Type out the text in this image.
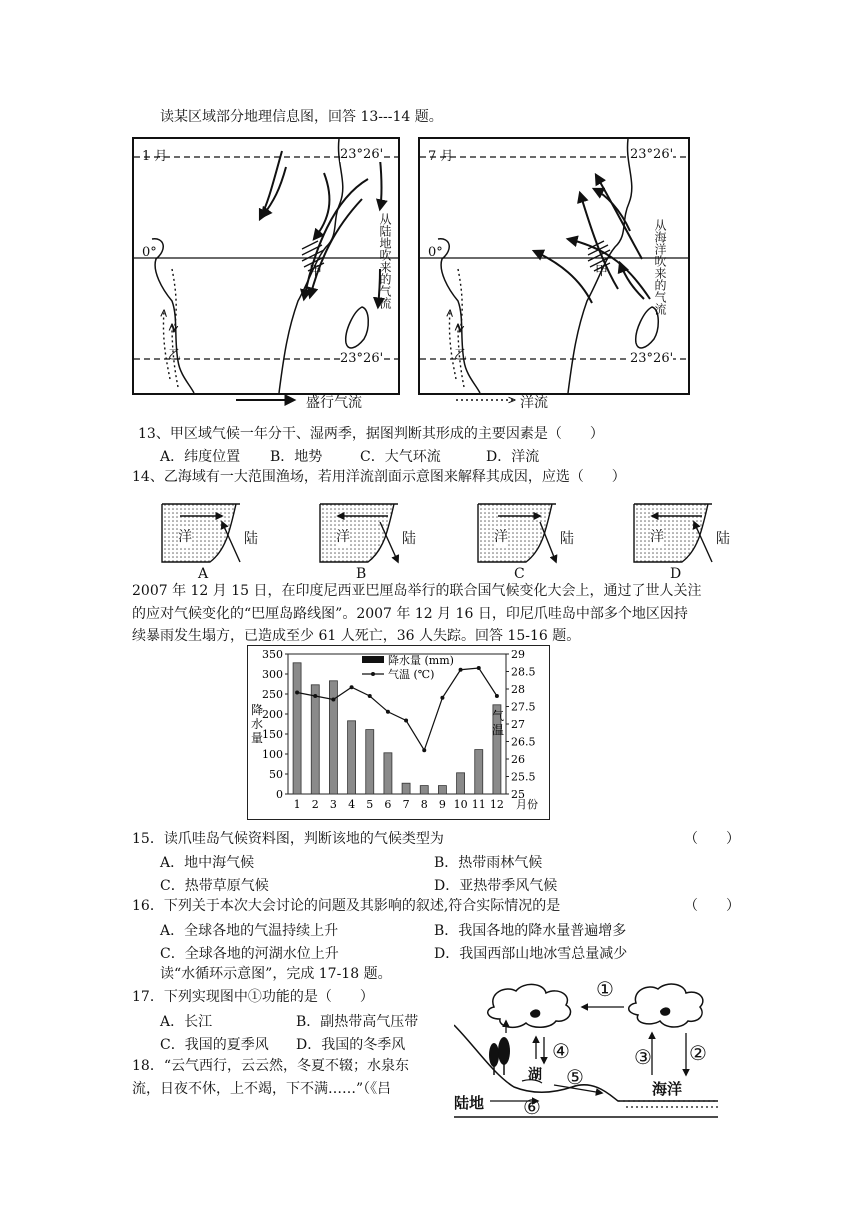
读某区域部分地理信息图，回答 13---14 题。
1 月	23°26'
0°
23°26'
甲
乙
从陆地吹来的气流
7 月	23°26'
0°
23°26'
甲
乙
从海洋吹来的气流
盛行气流	洋流
13、甲区域气候一年分干、湿两季，据图判断其形成的主要因素是（　　）
A．纬度位置 B．地势	C．大气环流	D．洋流
14、乙海域有一大范围渔场，若用洋流剖面示意图来解释其成因，应选（　　）
洋	陆
A
洋	陆
B
洋	陆
C
洋	陆
D
2007 年 12 月 15 日，在印度尼西亚巴厘岛举行的联合国气候变化大会上，通过了世人关注
的应对气候变化的“巴厘岛路线图”。2007 年 12 月 16 日，印尼爪哇岛中部多个地区因持
续暴雨发生塌方，已造成至少 61 人死亡，36 人失踪。回答 15-16 题。
0
50
100
150
200
250
300
350
25
25.5
26
26.5
27
27.5
28
28.5
29
1 2 3 4 5 6 7 8 9 10 11 12 月份
降水量 (mm)
气温 (℃)
降
水
量
气
温
15．读爪哇岛气候资料图，判断该地的气候类型为	（　　）
A．地中海气候	B．热带雨林气候
C．热带草原气候	D．亚热带季风气候
16．下列关于本次大会讨论的问题及其影响的叙述,符合实际情况的是	（　　）
A．全球各地的气温持续上升	B．我国各地的降水量普遍增多
C．全球各地的河湖水位上升	D．我国西部山地冰雪总量减少
读“水循环示意图”，完成 17-18 题。
17．下列实现图中①功能的是（　　）
A．长江	B．副热带高气压带
C．我国的夏季风 D．我国的冬季风
18．“云气西行，云云然，冬夏不辍；水泉东
流，日夜不休，上不竭，下不满……”（《吕
①
②
③
④
⑤
⑥
湖
陆地
海洋
